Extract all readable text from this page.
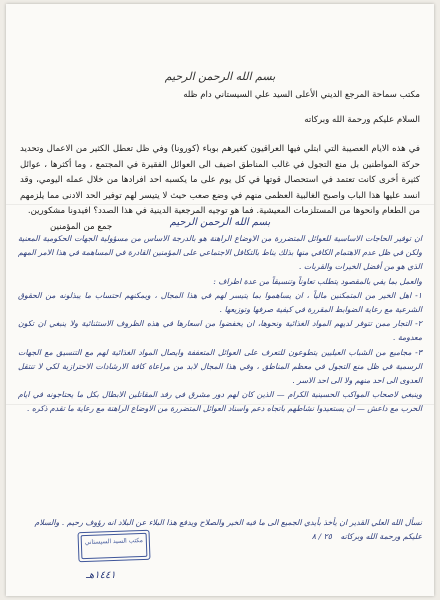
بسم الله الرحمن الرحيم

مكتب سماحة المرجع الديني الأعلى السيد علي السيستاني دام ظله

السلام عليكم ورحمة الله وبركاته

في هذه الايام العصيبة التي ابتلي فيها العراقيون كغيرهم بوباء (كورونا) وفي ظل تعطل الكثير من الاعمال وتحديد حركة المواطنين بل منع التجول في غالب المناطق اضيف الى العوائل الفقيرة في المجتمع ، وما أكثرها ، عوائل كثيرة أخرى كانت تعتمد في استحصال قوتها في كل يوم على ما يكسبه احد افرادها من خلال عمله اليومي، وقد انسد عليها هذا الباب واصبح الغالبية العظمى منهم في وضع صعب حيث لا يتيسر لهم توفير الحد الادنى مما يلزمهم من الطعام وانحوها من المستلزمات المعيشية. فما هو توجيه المرجعية الدينية في هذا الصدد؟ افيدونا مشكورين.

جمع من المؤمنين	بسم الله الرحمن الرحيم

ان توفير الحاجات الاساسية للعوائل المتضررة من الاوضاع الراهنة هو بالدرجة الاساس من مسؤولية الجهات الحكومية المعنية ولكن في ظل عدم الاهتمام الكافي منها بذلك يناط بالتكافل الاجتماعي على المؤمنين القادرة في المساهمة في هذا الامر المهم الذي هو من أفضل الخيرات والقربات .

والعمل بما يفي بالمقصود يتطلب تعاوناً وتنسيقاً من عدة اطراف :

١- اهل الخير من المتمكنين مالياً ، ان يساهموا بما يتيسر لهم في هذا المجال ، ويمكنهم احتساب ما يبذلونه من الحقوق الشرعية مع رعاية الضوابط المقررة في كيفية صرفها وتوزيعها .

٢- التجار ممن تتوفر لديهم المواد الغذائية ونحوها، ان يخفضوا من اسعارها في هذه الظروف الاستثنائية ولا ينبغي ان تكون معدومة .

٣- مجاميع من الشباب العيليين يتطوعون للتعرف على العوائل المتعففة وايصال المواد الغذائية لهم مع التنسيق مع الجهات الرسمية في ظل منع التجول في معظم المناطق ، وفي هذا المجال لابد من مراعاة كافة الارشادات الاحترازية لكي لا تنتقل العدوى الى احد منهم ولا الى احد الاسر .

وينبغي لاصحاب المواكب الحسينية الكرام — الذين كان لهم دور مشرق في رفد المقاتلين الابطال بكل ما يحتاجونه في ايام الحرب مع داعش — ان يستعيدوا نشاطهم باتجاه دعم واسناد العوائل المتضررة من الاوضاع الراهنة مع رعاية ما تقدم ذكره .

نسأل الله العلي القدير ان يأخذ بأيدي الجميع الى ما فيه الخير والصلاح ويدفع هذا البلاء عن البلاد انه رؤوف رحيم . والسلام عليكم ورحمة الله وبركاته ٢٥ / ٨
مكتب السيد السيستاني
١٤٤١هـ
